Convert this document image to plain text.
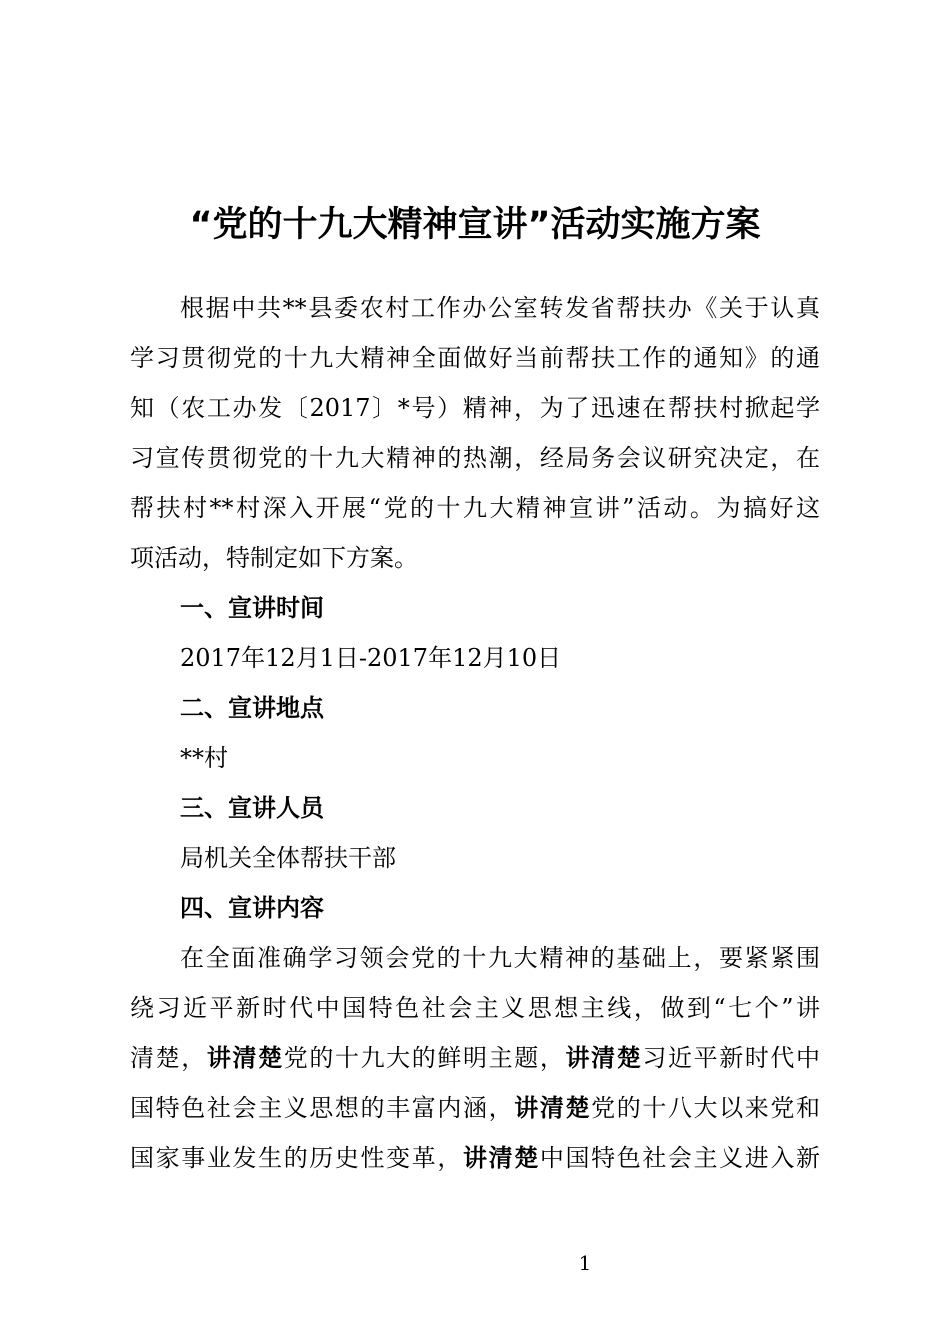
“党的十九大精神宣讲”活动实施方案
根据中共**县委农村工作办公室转发省帮扶办《关于认真
学习贯彻党的十九大精神全面做好当前帮扶工作的通知》的通
知（农工办发〔2017〕*号）精神，为了迅速在帮扶村掀起学
习宣传贯彻党的十九大精神的热潮，经局务会议研究决定，在
帮扶村**村深入开展“党的十九大精神宣讲”活动。为搞好这
项活动，特制定如下方案。
一、宣讲时间
2017年12月1日-2017年12月10日
二、宣讲地点
**村
三、宣讲人员
局机关全体帮扶干部
四、宣讲内容
在全面准确学习领会党的十九大精神的基础上，要紧紧围
绕习近平新时代中国特色社会主义思想主线，做到“七个”讲
清楚，讲清楚党的十九大的鲜明主题，讲清楚习近平新时代中
国特色社会主义思想的丰富内涵，讲清楚党的十八大以来党和
国家事业发生的历史性变革，讲清楚中国特色社会主义进入新
1
